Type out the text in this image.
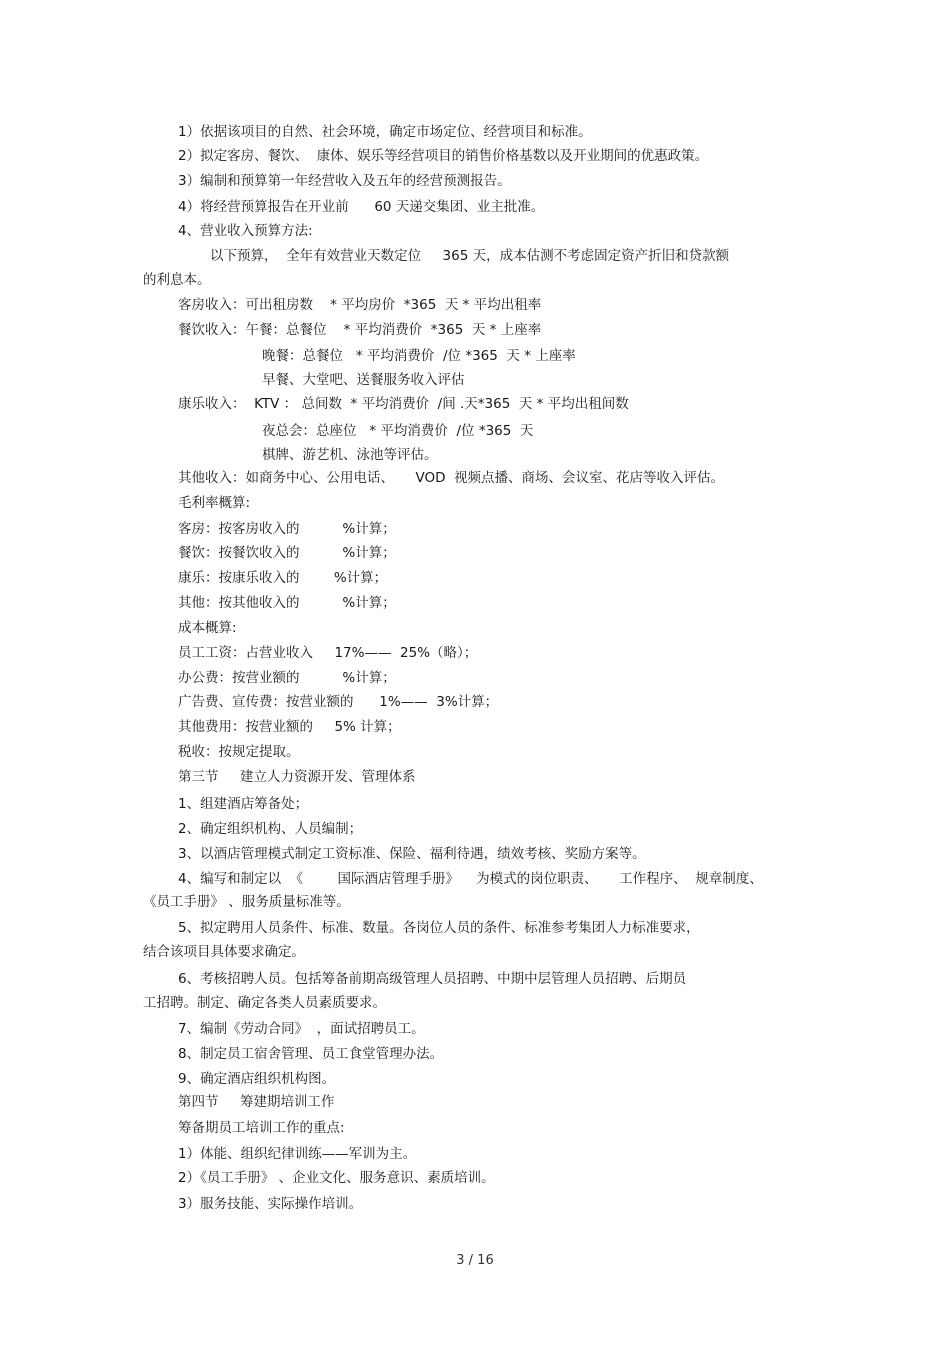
1）依据该项目的自然、社会环境，确定市场定位、经营项目和标准。
2）拟定客房、餐饮、  康体、娱乐等经营项目的销售价格基数以及开业期间的优惠政策。
3）编制和预算第一年经营收入及五年的经营预测报告。
4）将经营预算报告在开业前      60 天递交集团、业主批准。
4、营业收入预算方法:
以下预算，  全年有效营业天数定位     365 天，成本估测不考虑固定资产折旧和贷款额
的利息本。
客房收入：可出租房数    * 平均房价  *365  天 * 平均出租率
餐饮收入：午餐：总餐位    * 平均消费价  *365  天 * 上座率
晚餐：总餐位   * 平均消费价  /位 *365  天 * 上座率
早餐、大堂吧、送餐服务收入评估
康乐收入：  KTV ： 总间数  * 平均消费价  /间 .天*365  天 * 平均出租间数
夜总会：总座位   * 平均消费价  /位 *365  天
棋牌、游艺机、泳池等评估。
其他收入：如商务中心、公用电话、     VOD  视频点播、商场、会议室、花店等收入评估。
毛利率概算:
客房：按客房收入的          %计算；
餐饮：按餐饮收入的          %计算；
康乐：按康乐收入的        %计算；
其他：按其他收入的          %计算；
成本概算:
员工工资：占营业收入     17%——  25%（略）；
办公费：按营业额的          %计算；
广告费、宣传费：按营业额的      1%——  3%计算；
其他费用：按营业额的     5% 计算；
税收：按规定提取。
第三节     建立人力资源开发、管理体系
1、组建酒店筹备处；
2、确定组织机构、人员编制；
3、以酒店管理模式制定工资标准、保险、福利待遇，绩效考核、奖励方案等。
4、编写和制定以  《        国际酒店管理手册》    为模式的岗位职责、     工作程序、  规章制度、
《员工手册》 、服务质量标准等。
5、拟定聘用人员条件、标准、数量。各岗位人员的条件、标准参考集团人力标准要求，
结合该项目具体要求确定。
6、考核招聘人员。包括筹备前期高级管理人员招聘、中期中层管理人员招聘、后期员
工招聘。制定、确定各类人员素质要求。
7、编制《劳动合同》  ，面试招聘员工。
8、制定员工宿舍管理、员工食堂管理办法。
9、确定酒店组织机构图。
第四节     筹建期培训工作
筹备期员工培训工作的重点:
1）体能、组织纪律训练——军训为主。
2）《员工手册》 、企业文化、服务意识、素质培训。
3）服务技能、实际操作培训。
3 / 16
